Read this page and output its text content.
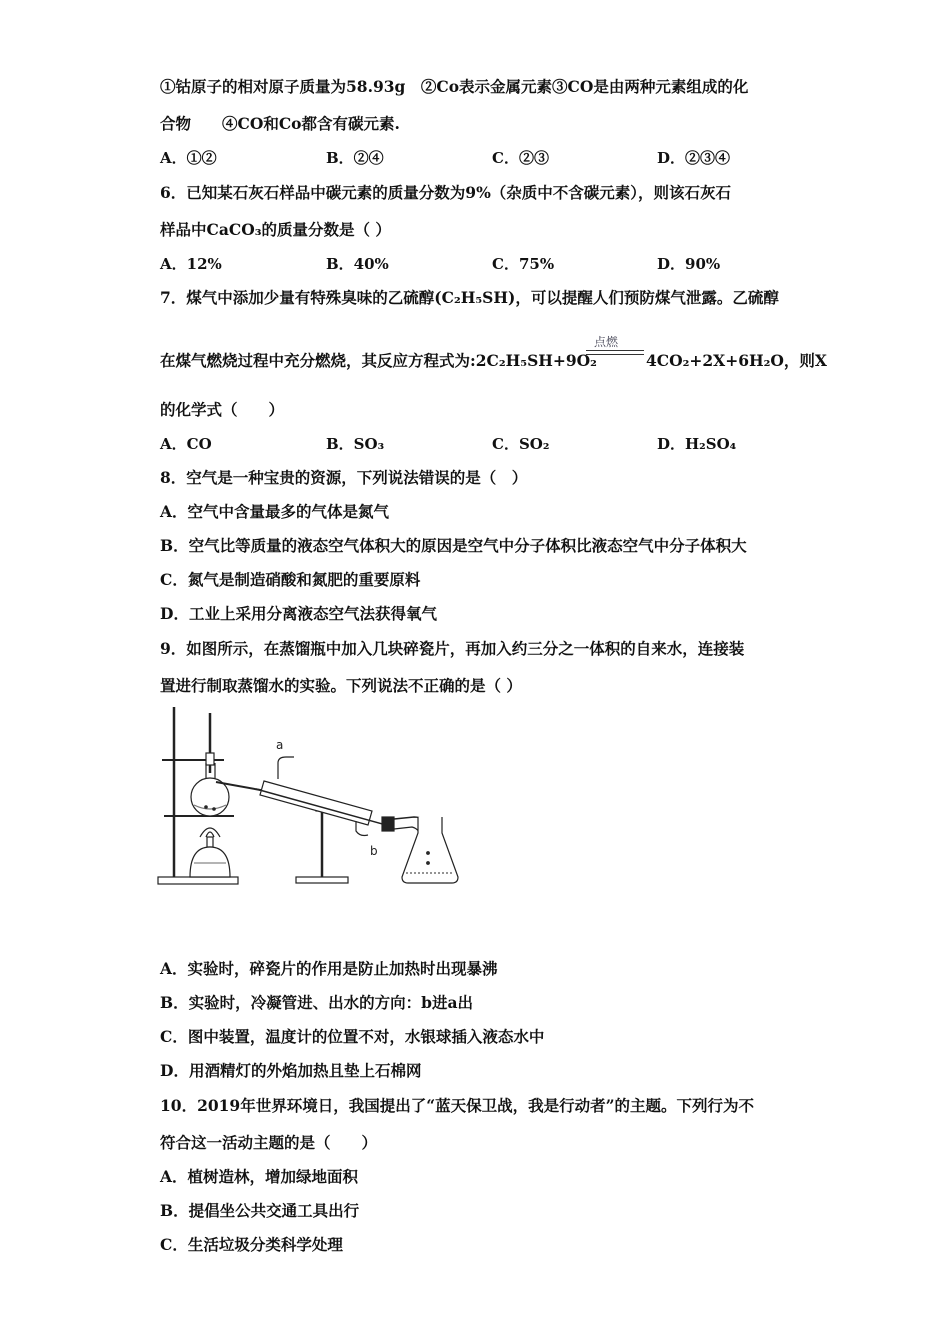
①钴原子的相对原子质量为58.93g　②Co表示金属元素③CO是由两种元素组成的化
合物　　④CO和Co都含有碳元素.
A．①②	B．②④	C．②③	D．②③④
6．已知某石灰石样品中碳元素的质量分数为9%（杂质中不含碳元素），则该石灰石
样品中CaCO₃的质量分数是（ ）
A．12%	B．40%	C．75%	D．90%
7．煤气中添加少量有特殊臭味的乙硫醇(C₂H₅SH)，可以提醒人们预防煤气泄露。乙硫醇
在煤气燃烧过程中充分燃烧，其反应方程式为:2C₂H₅SH+9O₂
点燃
4CO₂+2X+6H₂O，则X
的化学式（　　）
A．CO	B．SO₃	C．SO₂	D．H₂SO₄
8．空气是一种宝贵的资源，下列说法错误的是（　）
A．空气中含量最多的气体是氮气
B．空气比等质量的液态空气体积大的原因是空气中分子体积比液态空气中分子体积大
C．氮气是制造硝酸和氮肥的重要原料
D．工业上采用分离液态空气法获得氧气
9．如图所示，在蒸馏瓶中加入几块碎瓷片，再加入约三分之一体积的自来水，连接装
置进行制取蒸馏水的实验。下列说法不正确的是（ ）
a
b
A．实验时，碎瓷片的作用是防止加热时出现暴沸
B．实验时，冷凝管进、出水的方向：b进a出
C．图中装置，温度计的位置不对，水银球插入液态水中
D．用酒精灯的外焰加热且垫上石棉网
10．2019年世界环境日，我国提出了“蓝天保卫战，我是行动者”的主题。下列行为不
符合这一活动主题的是（　　）
A．植树造林，增加绿地面积
B．提倡坐公共交通工具出行
C．生活垃圾分类科学处理
